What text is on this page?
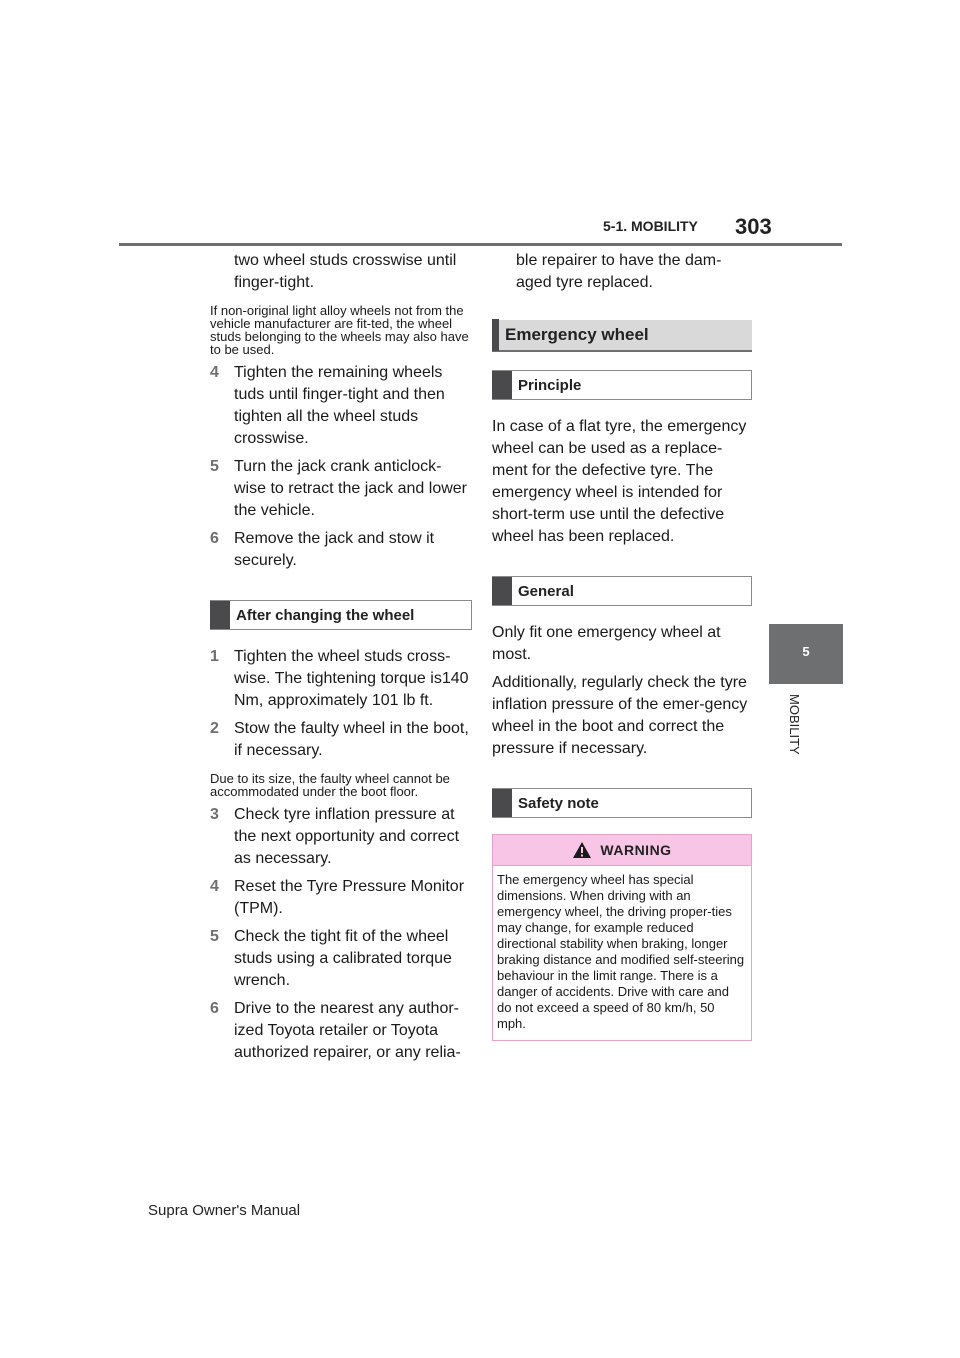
5-1. MOBILITY 303
5
MOBILITY

two wheel studs crosswise until finger-tight.

If non-original light alloy wheels not from the vehicle manufacturer are fit-ted, the wheel studs belonging to the wheels may also have to be used.

4 Tighten the remaining wheels tuds until finger-tight and then tighten all the wheel studs crosswise.
5 Turn the jack crank anticlock-wise to retract the jack and lower the vehicle.
6 Remove the jack and stow it securely.
After changing the wheel
1 Tighten the wheel studs cross-wise. The tightening torque is140 Nm, approximately 101 lb ft.
2 Stow the faulty wheel in the boot, if necessary.

Due to its size, the faulty wheel cannot be accommodated under the boot floor.

3 Check tyre inflation pressure at the next opportunity and correct as necessary.
4 Reset the Tyre Pressure Monitor (TPM).
5 Check the tight fit of the wheel studs using a calibrated torque wrench.
6 Drive to the nearest any author-ized Toyota retailer or Toyota authorized repairer, or any relia-

ble repairer to have the dam-aged tyre replaced.

Emergency wheel
Principle

In case of a flat tyre, the emergency wheel can be used as a replace-ment for the defective tyre. The emergency wheel is intended for short-term use until the defective wheel has been replaced.

General

Only fit one emergency wheel at most.

Additionally, regularly check the tyre inflation pressure of the emer-gency wheel in the boot and correct the pressure if necessary.

Safety note
WARNING
The emergency wheel has special dimensions. When driving with an emergency wheel, the driving proper-ties may change, for example reduced directional stability when braking, longer braking distance and modified self-steering behaviour in the limit range. There is a danger of accidents. Drive with care and do not exceed a speed of 80 km/h, 50 mph.
Supra Owner's Manual
